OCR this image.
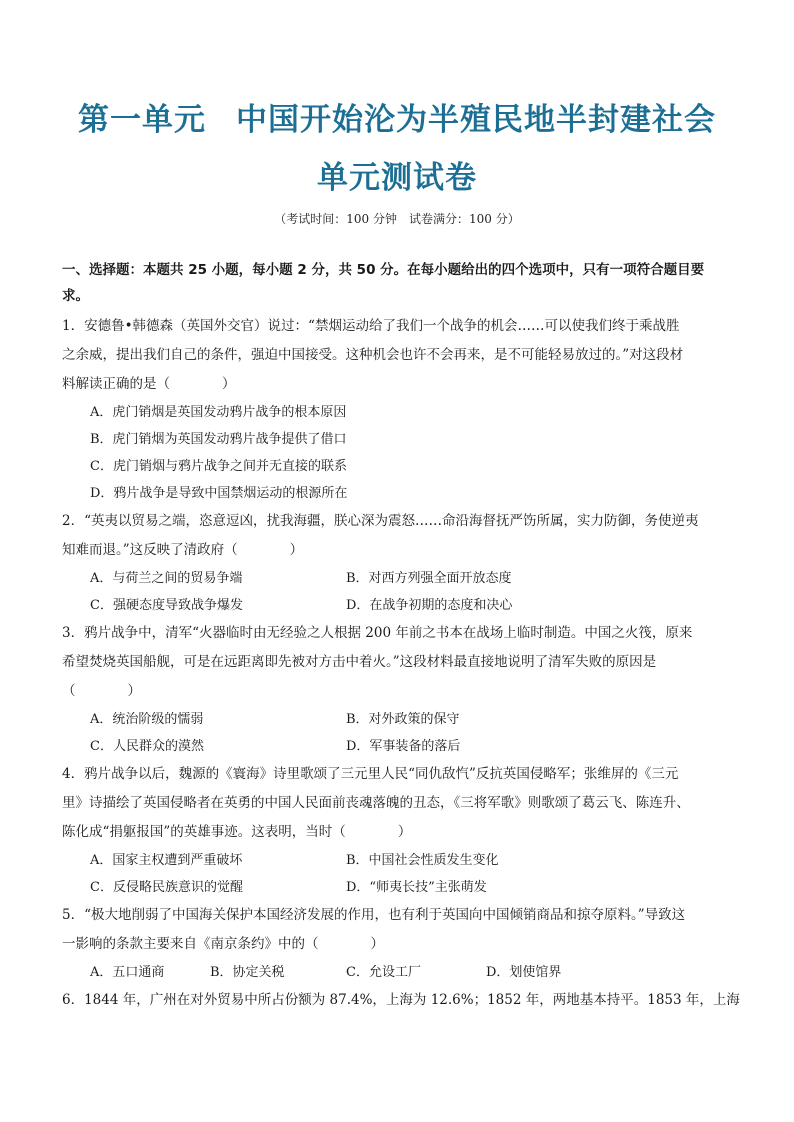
第一单元 中国开始沦为半殖民地半封建社会
单元测试卷
（考试时间：100 分钟　试卷满分：100 分）
一、选择题：本题共 25 小题，每小题 2 分，共 50 分。在每小题给出的四个选项中，只有一项符合题目要
求。
1．安德鲁•韩德森（英国外交官）说过：“禁烟运动给了我们一个战争的机会……可以使我们终于乘战胜
之余威，提出我们自己的条件，强迫中国接受。这种机会也许不会再来，是不可能轻易放过的。”对这段材
料解读正确的是（	）
A．虎门销烟是英国发动鸦片战争的根本原因
B．虎门销烟为英国发动鸦片战争提供了借口
C．虎门销烟与鸦片战争之间并无直接的联系
D．鸦片战争是导致中国禁烟运动的根源所在
2．“英夷以贸易之端，恣意逗凶，扰我海疆，朕心深为震怒……命沿海督抚严饬所属，实力防御，务使逆夷
知难而退。”这反映了清政府（	）
A．与荷兰之间的贸易争端	B．对西方列强全面开放态度
C．强硬态度导致战争爆发	D．在战争初期的态度和决心
3．鸦片战争中，清军“火器临时由无经验之人根据 200 年前之书本在战场上临时制造。中国之火筏，原来
希望焚烧英国船舰，可是在远距离即先被对方击中着火。”这段材料最直接地说明了清军失败的原因是
（	）
A．统治阶级的懦弱	B．对外政策的保守
C．人民群众的漠然	D．军事装备的落后
4．鸦片战争以后，魏源的《寰海》诗里歌颂了三元里人民“同仇敌忾”反抗英国侵略军；张维屏的《三元
里》诗描绘了英国侵略者在英勇的中国人民面前丧魂落魄的丑态，《三将军歌》则歌颂了葛云飞、陈连升、
陈化成“捐躯报国”的英雄事迹。这表明，当时（	）
A．国家主权遭到严重破坏	B．中国社会性质发生变化
C．反侵略民族意识的觉醒	D．“师夷长技”主张萌发
5．“极大地削弱了中国海关保护本国经济发展的作用，也有利于英国向中国倾销商品和掠夺原料。”导致这
一影响的条款主要来自《南京条约》中的（	）
A．五口通商	B．协定关税	C．允设工厂	D．划使馆界
6．1844 年，广州在对外贸易中所占份额为 87.4%，上海为 12.6%；1852 年，两地基本持平。1853 年，上海
